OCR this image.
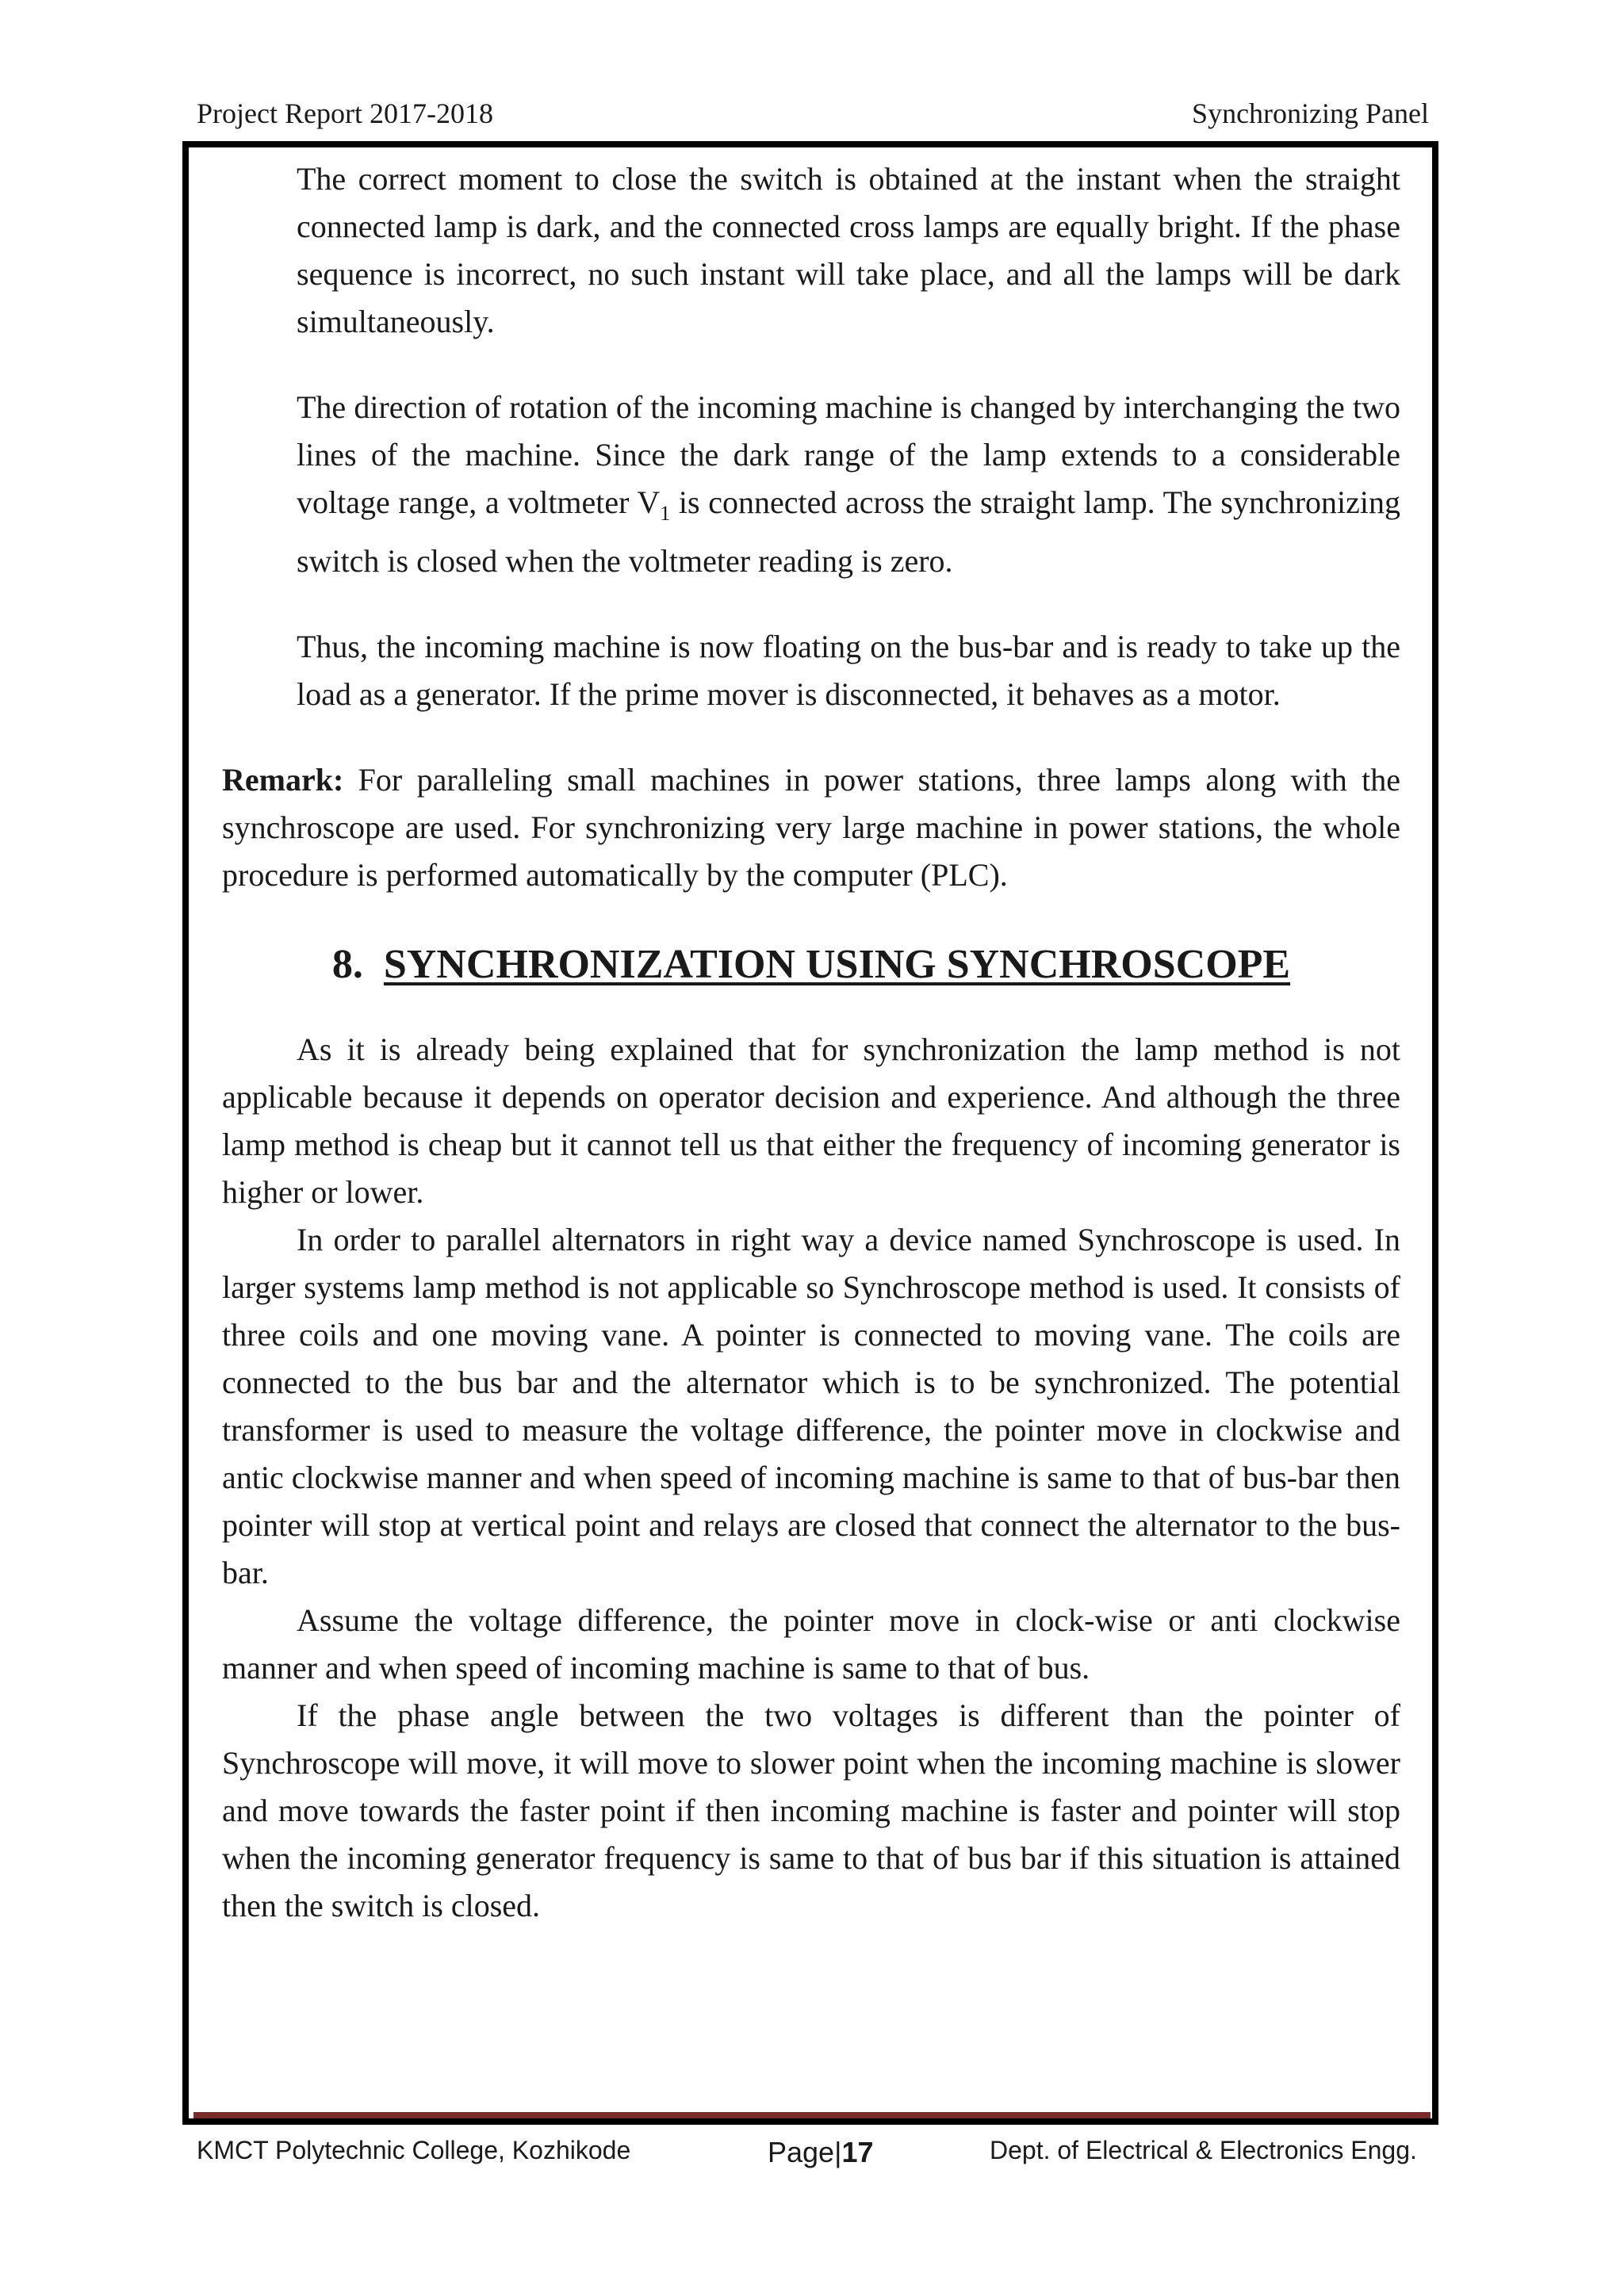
Project Report 2017-2018	Synchronizing Panel

The correct moment to close the switch is obtained at the instant when the straight connected lamp is dark, and the connected cross lamps are equally bright. If the phase sequence is incorrect, no such instant will take place, and all the lamps will be dark simultaneously.

The direction of rotation of the incoming machine is changed by interchanging the two lines of the machine. Since the dark range of the lamp extends to a considerable voltage range, a voltmeter $V_1$ is connected across the straight lamp. The synchronizing switch is closed when the voltmeter reading is zero.

Thus, the incoming machine is now floating on the bus-bar and is ready to take up the load as a generator. If the prime mover is disconnected, it behaves as a motor.

Remark: For paralleling small machines in power stations, three lamps along with the synchroscope are used. For synchronizing very large machine in power stations, the whole procedure is performed automatically by the computer (PLC).

8. SYNCHRONIZATION USING SYNCHROSCOPE

As it is already being explained that for synchronization the lamp method is not applicable because it depends on operator decision and experience. And although the three lamp method is cheap but it cannot tell us that either the frequency of incoming generator is higher or lower.

In order to parallel alternators in right way a device named Synchroscope is used. In larger systems lamp method is not applicable so Synchroscope method is used. It consists of three coils and one moving vane. A pointer is connected to moving vane. The coils are connected to the bus bar and the alternator which is to be synchronized. The potential transformer is used to measure the voltage difference, the pointer move in clockwise and antic clockwise manner and when speed of incoming machine is same to that of bus-bar then pointer will stop at vertical point and relays are closed that connect the alternator to the bus-bar.

Assume the voltage difference, the pointer move in clock-wise or anti clockwise manner and when speed of incoming machine is same to that of bus.

If the phase angle between the two voltages is different than the pointer of Synchroscope will move, it will move to slower point when the incoming machine is slower and move towards the faster point if then incoming machine is faster and pointer will stop when the incoming generator frequency is same to that of bus bar if this situation is attained then the switch is closed.

KMCT Polytechnic College, Kozhikode	Page|17	Dept. of Electrical & Electronics Engg.
